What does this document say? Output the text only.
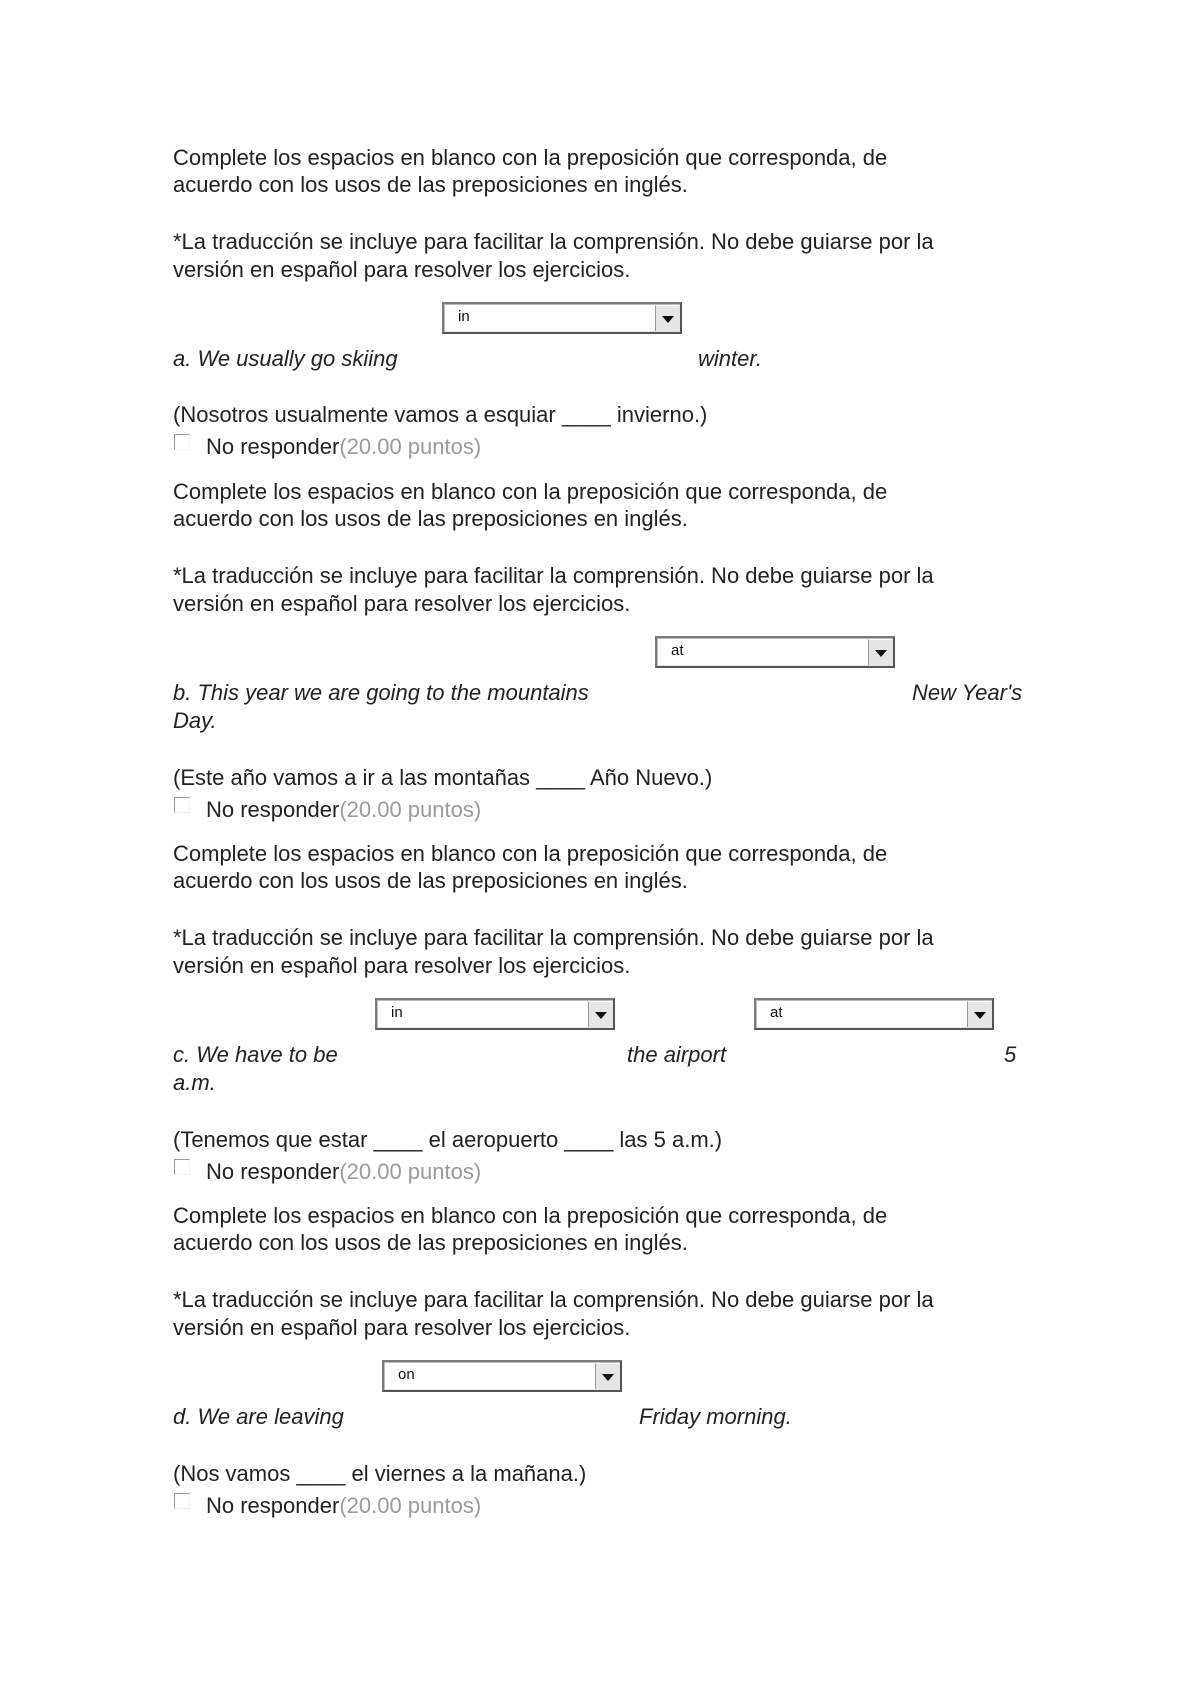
Complete los espacios en blanco con la preposición que corresponda, de

acuerdo con los usos de las preposiciones en inglés.

*La traducción se incluye para facilitar la comprensión. No debe guiarse por la

versión en español para resolver los ejercicios.

in

a. We usually go skiing	winter.

(Nosotros usualmente vamos a esquiar ____ invierno.)

No responder(20.00 puntos)

Complete los espacios en blanco con la preposición que corresponda, de

acuerdo con los usos de las preposiciones en inglés.

*La traducción se incluye para facilitar la comprensión. No debe guiarse por la

versión en español para resolver los ejercicios.

at

b. This year we are going to the mountains	New Year's

Day.

(Este año vamos a ir a las montañas ____ Año Nuevo.)

No responder(20.00 puntos)

Complete los espacios en blanco con la preposición que corresponda, de

acuerdo con los usos de las preposiciones en inglés.

*La traducción se incluye para facilitar la comprensión. No debe guiarse por la

versión en español para resolver los ejercicios.

in	at

c. We have to be	the airport	5

a.m.

(Tenemos que estar ____ el aeropuerto ____ las 5 a.m.)

No responder(20.00 puntos)

Complete los espacios en blanco con la preposición que corresponda, de

acuerdo con los usos de las preposiciones en inglés.

*La traducción se incluye para facilitar la comprensión. No debe guiarse por la

versión en español para resolver los ejercicios.

on

d. We are leaving	Friday morning.

(Nos vamos ____ el viernes a la mañana.)

No responder(20.00 puntos)
